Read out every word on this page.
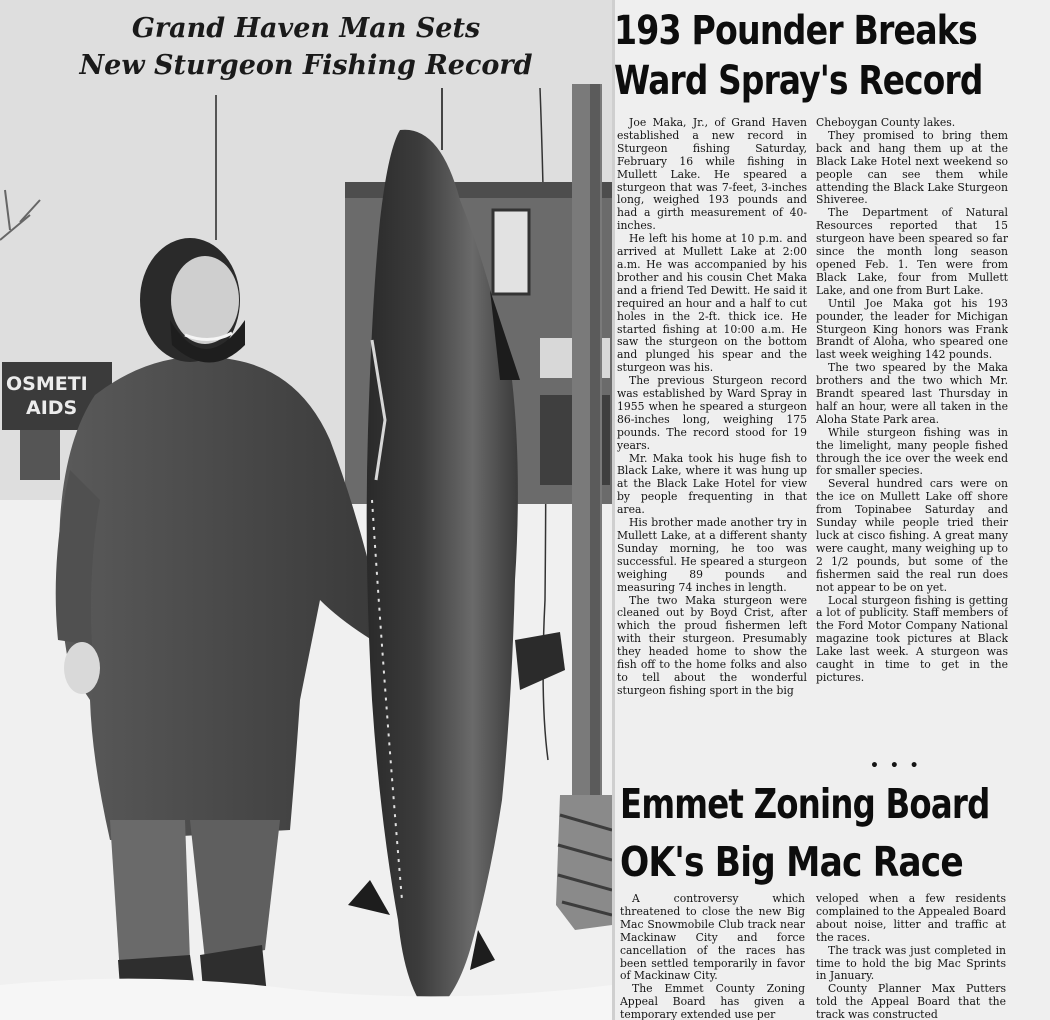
OSMETI
AIDS
Grand Haven Man Sets
New Sturgeon Fishing Record
193 Pounder Breaks
Ward Spray's Record

Joe Maka, Jr., of Grand Haven established a new record in Sturgeon fishing Saturday, February 16 while fishing in Mullett Lake. He speared a sturgeon that was 7-feet, 3-inches long, weighed 193 pounds and had a girth measurement of 40-inches.

He left his home at 10 p.m. and arrived at Mullett Lake at 2:00 a.m. He was accompanied by his brother and his cousin Chet Maka and a friend Ted Dewitt. He said it required an hour and a half to cut holes in the 2-ft. thick ice. He started fishing at 10:00 a.m. He saw the sturgeon on the bottom and plunged his spear and the sturgeon was his.

The previous Sturgeon record was established by Ward Spray in 1955 when he speared a sturgeon 86-inches long, weighing 175 pounds. The record stood for 19 years.

Mr. Maka took his huge fish to Black Lake, where it was hung up at the Black Lake Hotel for view by people frequenting in that area.

His brother made another try in Mullett Lake, at a different shanty Sunday morning, he too was successful. He speared a sturgeon weighing 89 pounds and measuring 74 inches in length.

The two Maka sturgeon were cleaned out by Boyd Crist, after which the proud fishermen left with their sturgeon. Presumably they headed home to show the fish off to the home folks and also to tell about the wonderful sturgeon fishing sport in the big

Cheboygan County lakes.

They promised to bring them back and hang them up at the Black Lake Hotel next weekend so people can see them while attending the Black Lake Sturgeon Shiveree.

The Department of Natural Resources reported that 15 sturgeon have been speared so far since the month long season opened Feb. 1. Ten were from Black Lake, four from Mullett Lake, and one from Burt Lake.

Until Joe Maka got his 193 pounder, the leader for Michigan Sturgeon King honors was Frank Brandt of Aloha, who speared one last week weighing 142 pounds.

The two speared by the Maka brothers and the two which Mr. Brandt speared last Thursday in half an hour, were all taken in the Aloha State Park area.

While sturgeon fishing was in the limelight, many people fished through the ice over the week end for smaller species.

Several hundred cars were on the ice on Mullett Lake off shore from Topinabee Saturday and Sunday while people tried their luck at cisco fishing. A great many were caught, many weighing up to 2 1/2 pounds, but some of the fishermen said the real run does not appear to be on yet.

Local sturgeon fishing is getting a lot of publicity. Staff members of the Ford Motor Company National magazine took pictures at Black Lake last week. A sturgeon was caught in time to get in the pictures.

• • •
Emmet Zoning Board
OK's Big Mac Race

A controversy which threatened to close the new Big Mac Snowmobile Club track near Mackinaw City and force cancellation of the races has been settled temporarily in favor of Mackinaw City.

The Emmet County Zoning Appeal Board has given a temporary extended use per

veloped when a few residents complained to the Appealed Board about noise, litter and traffic at the races.

The track was just completed in time to hold the big Mac Sprints in January.

County Planner Max Putters told the Appeal Board that the track was constructed
